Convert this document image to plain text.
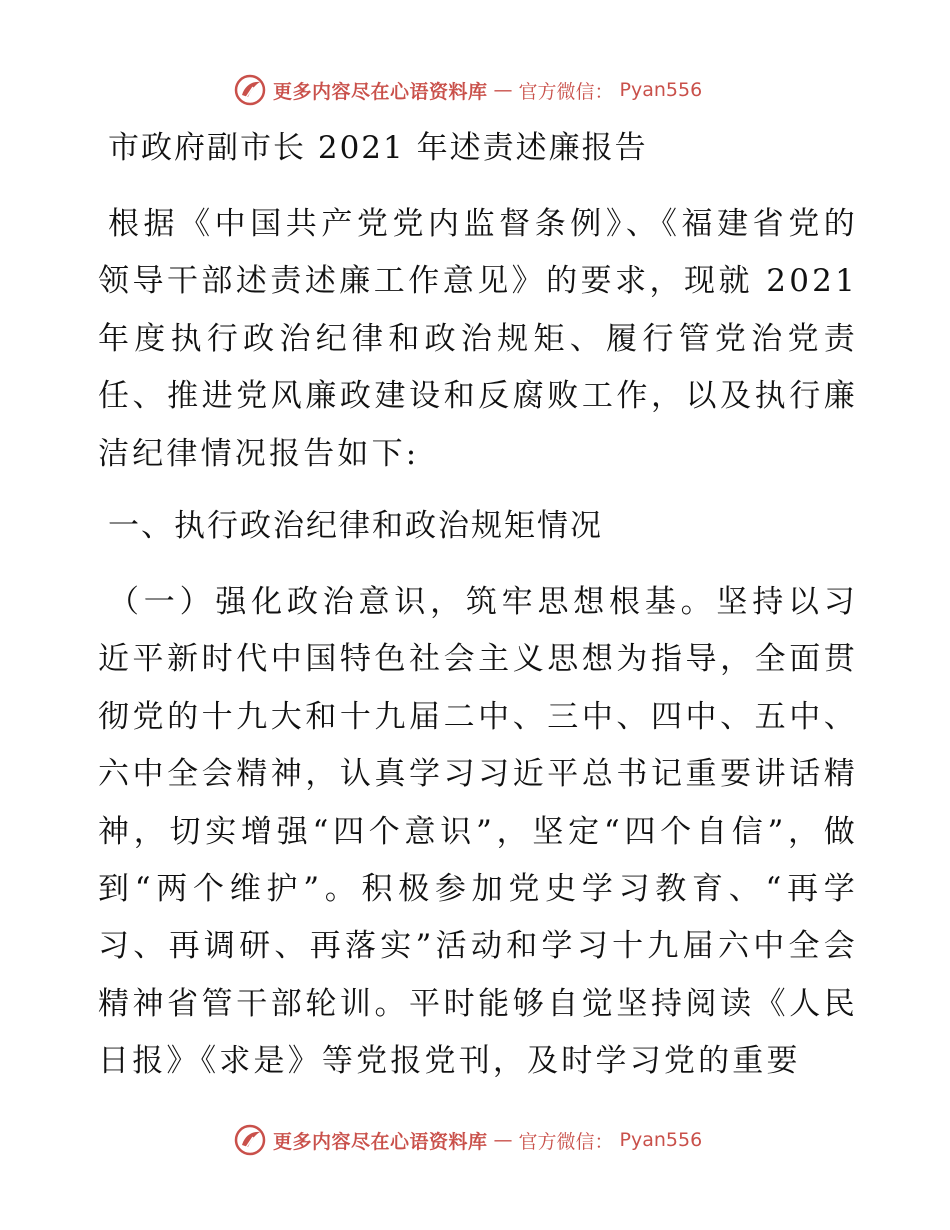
更多内容尽在心语资料库 — 官方微信： Pyan556
市政府副市长 2021 年述责述廉报告
根据《中国共产党党内监督条例》、《福建省党的领导干部述责述廉工作意见》的要求，现就 2021 年度执行政治纪律和政治规矩、履行管党治党责任、推进党风廉政建设和反腐败工作，以及执行廉洁纪律情况报告如下:
一、执行政治纪律和政治规矩情况
（一）强化政治意识，筑牢思想根基。坚持以习近平新时代中国特色社会主义思想为指导，全面贯彻党的十九大和十九届二中、三中、四中、五中、六中全会精神，认真学习习近平总书记重要讲话精神，切实增强“四个意识”，坚定“四个自信”，做到“两个维护”。积极参加党史学习教育、“再学习、再调研、再落实”活动和学习十九届六中全会精神省管干部轮训。平时能够自觉坚持阅读《人民日报》《求是》等党报党刊，及时学习党的重要
更多内容尽在心语资料库 — 官方微信： Pyan556
